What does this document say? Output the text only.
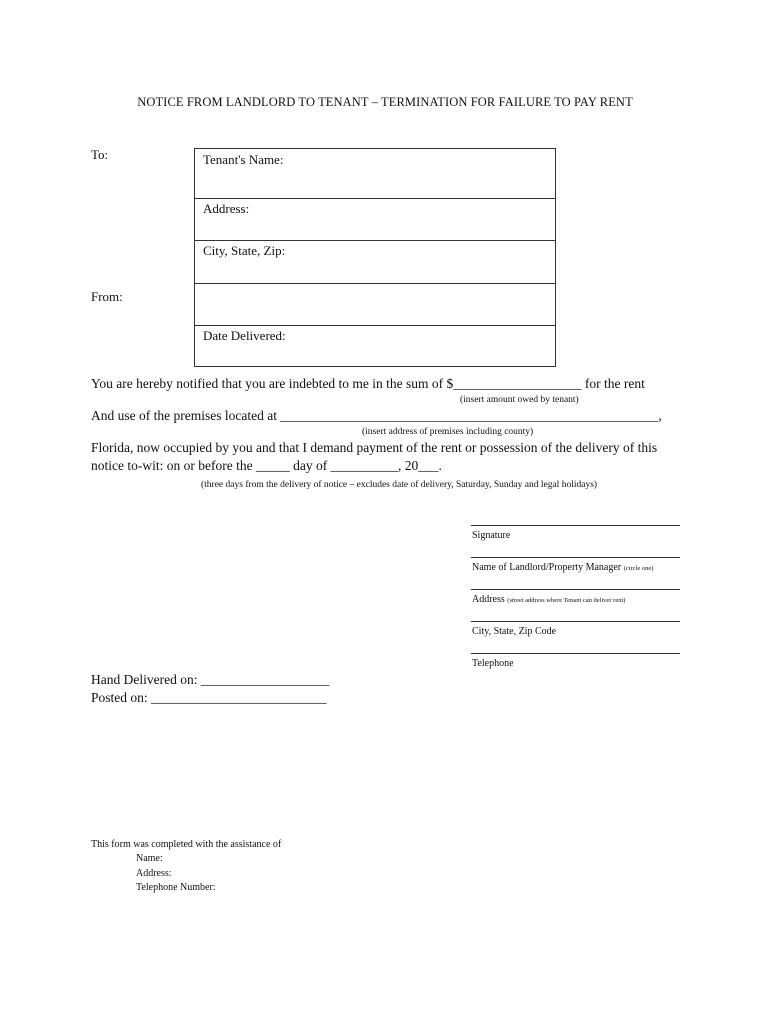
NOTICE FROM LANDLORD TO TENANT – TERMINATION FOR FAILURE TO PAY RENT
To:
From:
Tenant's Name:
Address:
City, State, Zip:
Date Delivered:
You are hereby notified that you are indebted to me in the sum of $___________________ for the rent
(insert amount owed by tenant)
And use of the premises located at ________________________________________________________,
(insert address of premises including county)
Florida, now occupied by you and that I demand payment of the rent or possession of the delivery of this
notice to-wit: on or before the _____ day of __________, 20___.
(three days from the delivery of notice – excludes date of delivery, Saturday, Sunday and legal holidays)
Signature
Name of Landlord/Property Manager (circle one)
Address (street address where Tenant can deliver rent)
City, State, Zip Code
Telephone
Hand Delivered on: ___________________
Posted on: __________________________
This form was completed with the assistance of
Name:
Address:
Telephone Number:
